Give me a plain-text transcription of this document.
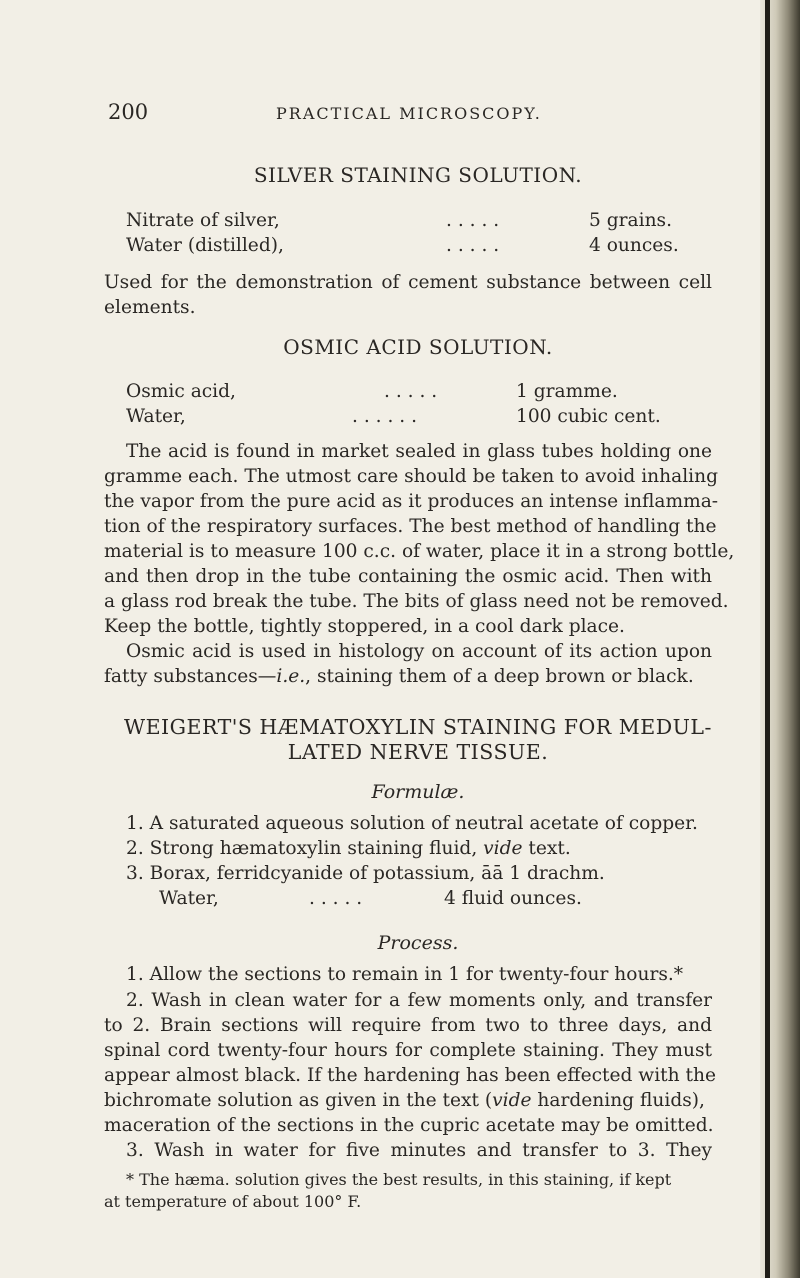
200	PRACTICAL MICROSCOPY.
SILVER STAINING SOLUTION.
Nitrate of silver,	. . . . .	5 grains.
Water (distilled),	. . . . .	4 ounces.
Used for the demonstration of cement substance between cell
elements.
OSMIC ACID SOLUTION.
Osmic acid,	. . . . .	1 gramme.
Water,	. . . . . .	100 cubic cent.
The acid is found in market sealed in glass tubes holding one
gramme each. The utmost care should be taken to avoid inhaling
the vapor from the pure acid as it produces an intense inflamma-
tion of the respiratory surfaces. The best method of handling the
material is to measure 100 c.c. of water, place it in a strong bottle,
and then drop in the tube containing the osmic acid. Then with
a glass rod break the tube. The bits of glass need not be removed.
Keep the bottle, tightly stoppered, in a cool dark place.
Osmic acid is used in histology on account of its action upon
fatty substances—i.e., staining them of a deep brown or black.
WEIGERT'S HÆMATOXYLIN STAINING FOR MEDUL-
LATED NERVE TISSUE.
Formulæ.
1. A saturated aqueous solution of neutral acetate of copper.
2. Strong hæmatoxylin staining fluid, vide text.
3. Borax, ferridcyanide of potassium, āā 1 drachm.
Water,	. . . . .	4 fluid ounces.
Process.
1. Allow the sections to remain in 1 for twenty-four hours.*
2. Wash in clean water for a few moments only, and transfer
to 2. Brain sections will require from two to three days, and
spinal cord twenty-four hours for complete staining. They must
appear almost black. If the hardening has been effected with the
bichromate solution as given in the text (vide hardening fluids),
maceration of the sections in the cupric acetate may be omitted.
3. Wash in water for five minutes and transfer to 3. They
* The hæma. solution gives the best results, in this staining, if kept
at temperature of about 100° F.
